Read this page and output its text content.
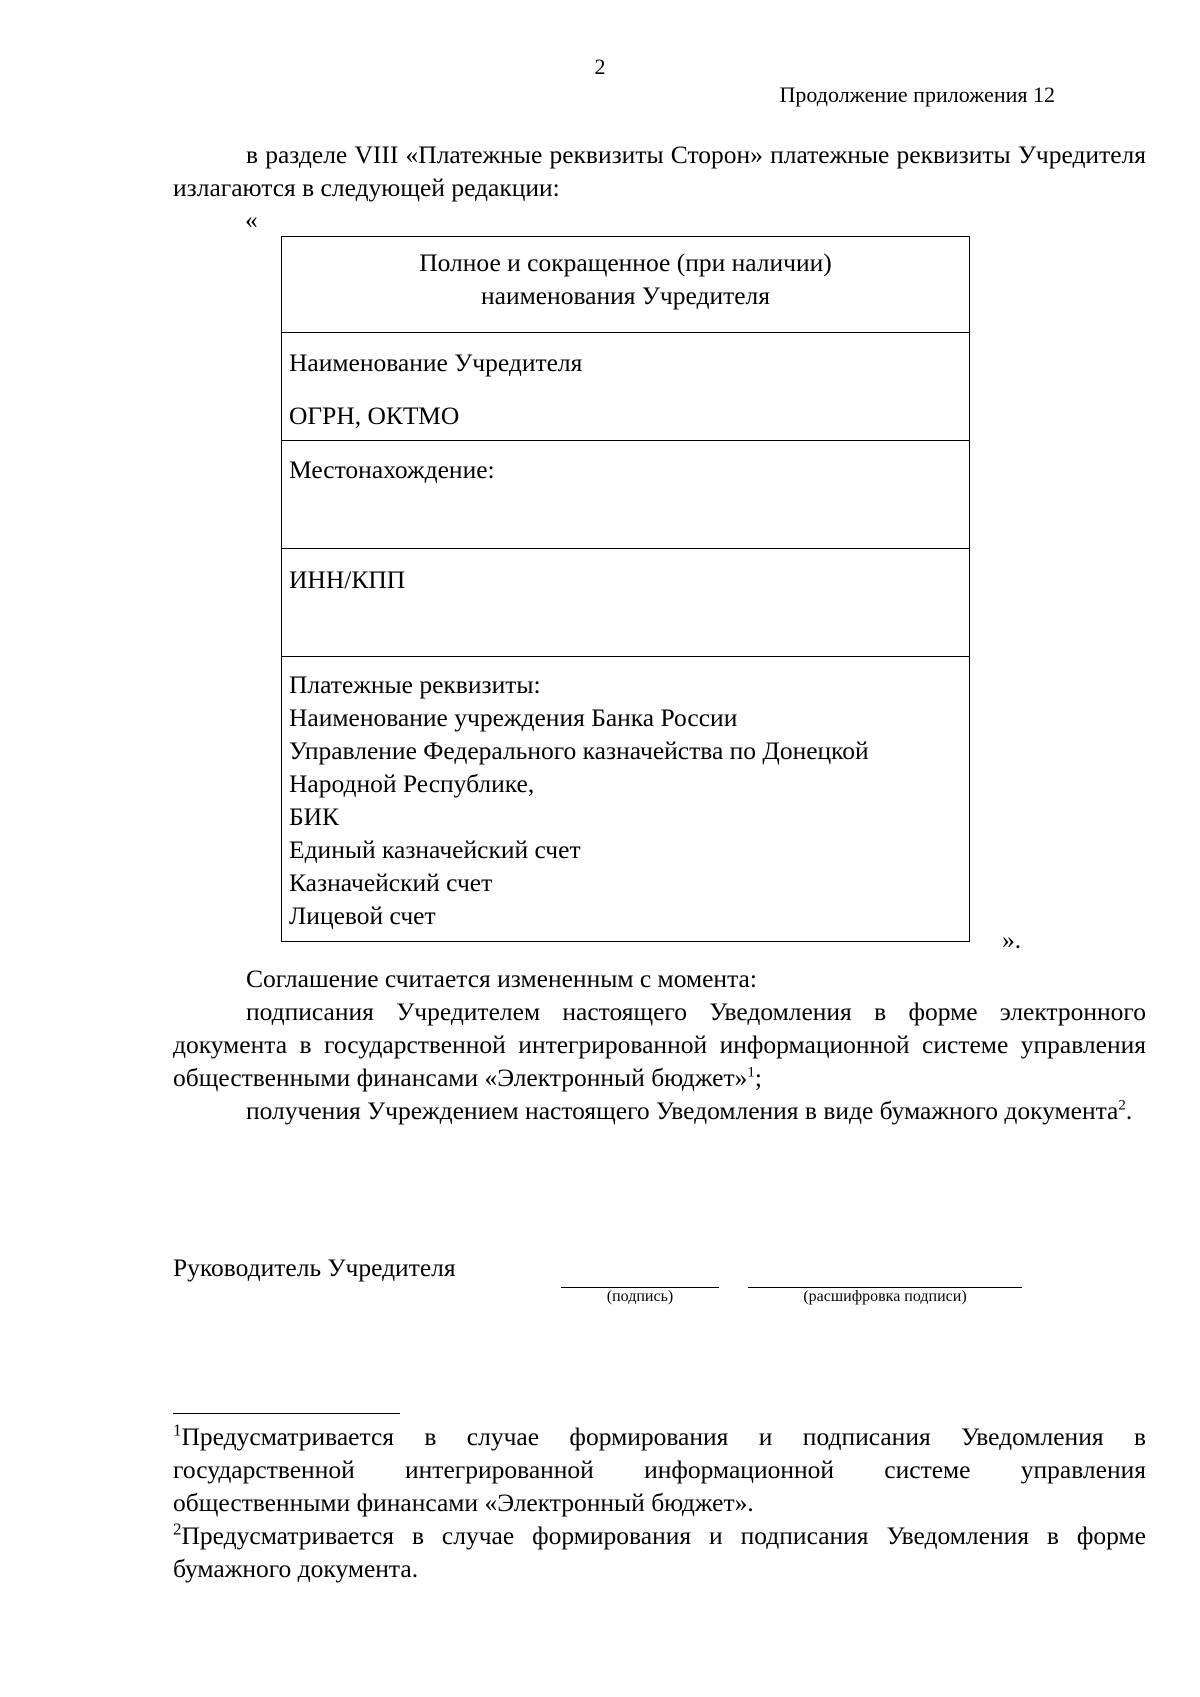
2
Продолжение приложения 12
в разделе VIII «Платежные реквизиты Сторон» платежные реквизиты Учредителя излагаются в следующей редакции:
«
Полное и сокращенное (при наличии)
наименования Учредителя

Наименование Учредителя
ОГРН, ОКТМО

Местонахождение:

ИНН/КПП

Платежные реквизиты:
Наименование учреждения Банка России
Управление Федерального казначейства по Донецкой
Народной Республике,
БИК
Единый казначейский счет
Казначейский счет
Лицевой счет
».
Соглашение считается измененным с момента:
подписания Учредителем настоящего Уведомления в форме электронного документа в государственной интегрированной информационной системе управления общественными финансами «Электронный бюджет»$^1$;
получения Учреждением настоящего Уведомления в виде бумажного документа$^2$.
Руководитель Учредителя
(подпись)	(расшифровка подписи)
$^1$Предусматривается в случае формирования и подписания Уведомления в государственной интегрированной информационной системе управления общественными финансами «Электронный бюджет».
$^2$Предусматривается в случае формирования и подписания Уведомления в форме бумажного документа.
